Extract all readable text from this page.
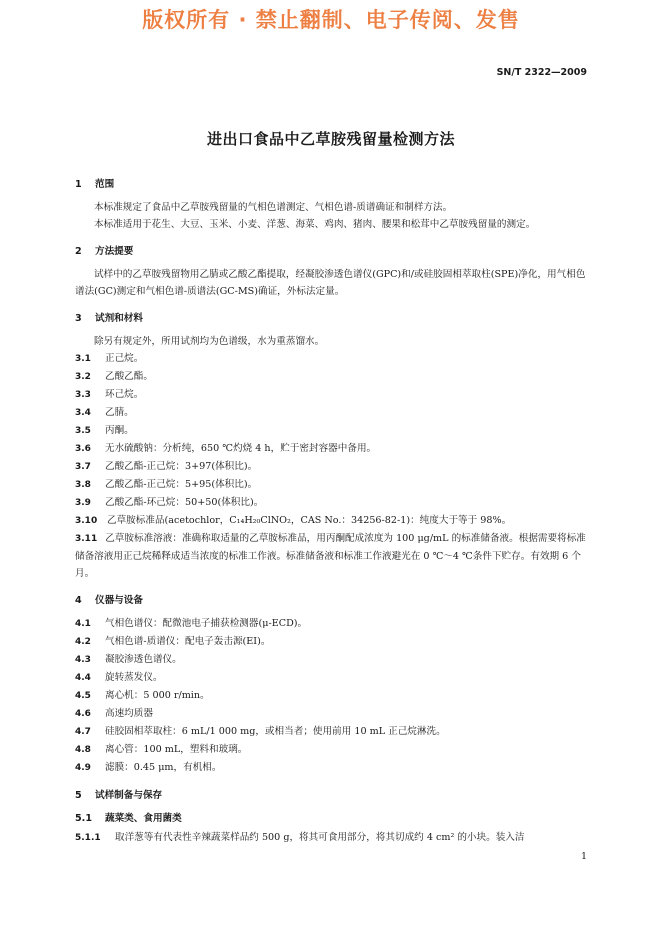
版权所有 · 禁止翻制、电子传阅、发售
SN/T 2322—2009
进出口食品中乙草胺残留量检测方法
1 范围

本标准规定了食品中乙草胺残留量的气相色谱测定、气相色谱-质谱确证和制样方法。

本标准适用于花生、大豆、玉米、小麦、洋葱、海菜、鸡肉、猪肉、腰果和松茸中乙草胺残留量的测定。

2 方法提要

试样中的乙草胺残留物用乙腈或乙酸乙酯提取，经凝胶渗透色谱仪(GPC)和/或硅胶固相萃取柱(SPE)净化，用气相色谱法(GC)测定和气相色谱-质谱法(GC-MS)确证，外标法定量。

3 试剂和材料

除另有规定外，所用试剂均为色谱级，水为重蒸馏水。

3.1 正己烷。
3.2 乙酸乙酯。
3.3 环己烷。
3.4 乙腈。
3.5 丙酮。
3.6 无水硫酸钠：分析纯，650 ℃灼烧 4 h，贮于密封容器中备用。
3.7 乙酸乙酯-正己烷：3+97(体积比)。
3.8 乙酸乙酯-正己烷：5+95(体积比)。
3.9 乙酸乙酯-环己烷：50+50(体积比)。
3.10 乙草胺标准品(acetochlor，C₁₄H₂₀ClNO₂，CAS No.：34256-82-1)：纯度大于等于 98%。
3.11 乙草胺标准溶液：准确称取适量的乙草胺标准品，用丙酮配成浓度为 100 μg/mL 的标准储备液。根据需要将标准储备溶液用正己烷稀释成适当浓度的标准工作液。标准储备液和标准工作液避光在 0 ℃～4 ℃条件下贮存。有效期 6 个月。
4 仪器与设备
4.1 气相色谱仪：配微池电子捕获检测器(μ-ECD)。
4.2 气相色谱-质谱仪：配电子轰击源(EI)。
4.3 凝胶渗透色谱仪。
4.4 旋转蒸发仪。
4.5 离心机：5 000 r/min。
4.6 高速均质器
4.7 硅胶固相萃取柱：6 mL/1 000 mg，或相当者；使用前用 10 mL 正己烷淋洗。
4.8 离心管：100 mL，塑料和玻璃。
4.9 滤膜：0.45 μm，有机相。
5 试样制备与保存
5.1 蔬菜类、食用菌类
5.1.1 取洋葱等有代表性辛辣蔬菜样品约 500 g，将其可食用部分，将其切成约 4 cm² 的小块。装入洁
1
